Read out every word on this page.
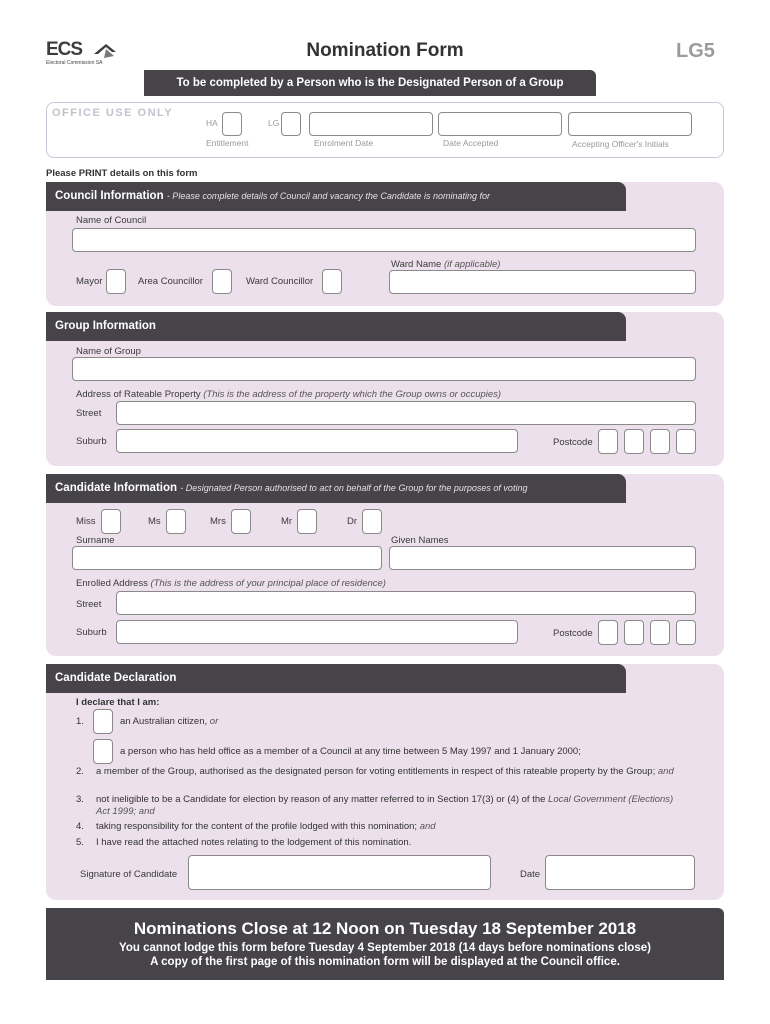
ECS
Electoral Commission SA
Nomination Form	LG5
To be completed by a Person who is the Designated Person of a Group
OFFICE USE ONLY
HA	LG
Entitlement	Enrolment Date	Date Accepted	Accepting Officer's Initials
Please PRINT details on this form
Council Information - Please complete details of Council and vacancy the Candidate is nominating for
Name of Council
Ward Name (if applicable)
Mayor	Area Councillor	Ward Councillor
Group Information
Name of Group
Address of Rateable Property (This is the address of the property which the Group owns or occupies)
Street
Suburb	Postcode
Candidate Information - Designated Person authorised to act on behalf of the Group for the purposes of voting
Miss	Ms	Mrs	Mr	Dr
Surname	Given Names
Enrolled Address (This is the address of your principal place of residence)
Street
Suburb	Postcode
Candidate Declaration
I declare that I am:
1.	an Australian citizen, or
a person who has held office as a member of a Council at any time between 5 May 1997 and 1 January 2000;
2. a member of the Group, authorised as the designated person for voting entitlements in respect of this rateable property by the Group; and
3. not ineligible to be a Candidate for election by reason of any matter referred to in Section 17(3) or (4) of the Local Government (Elections) Act 1999; and
4. taking responsibility for the content of the profile lodged with this nomination; and
5. I have read the attached notes relating to the lodgement of this nomination.
Signature of Candidate	Date
Nominations Close at 12 Noon on Tuesday 18 September 2018
You cannot lodge this form before Tuesday 4 September 2018 (14 days before nominations close)
A copy of the first page of this nomination form will be displayed at the Council office.
